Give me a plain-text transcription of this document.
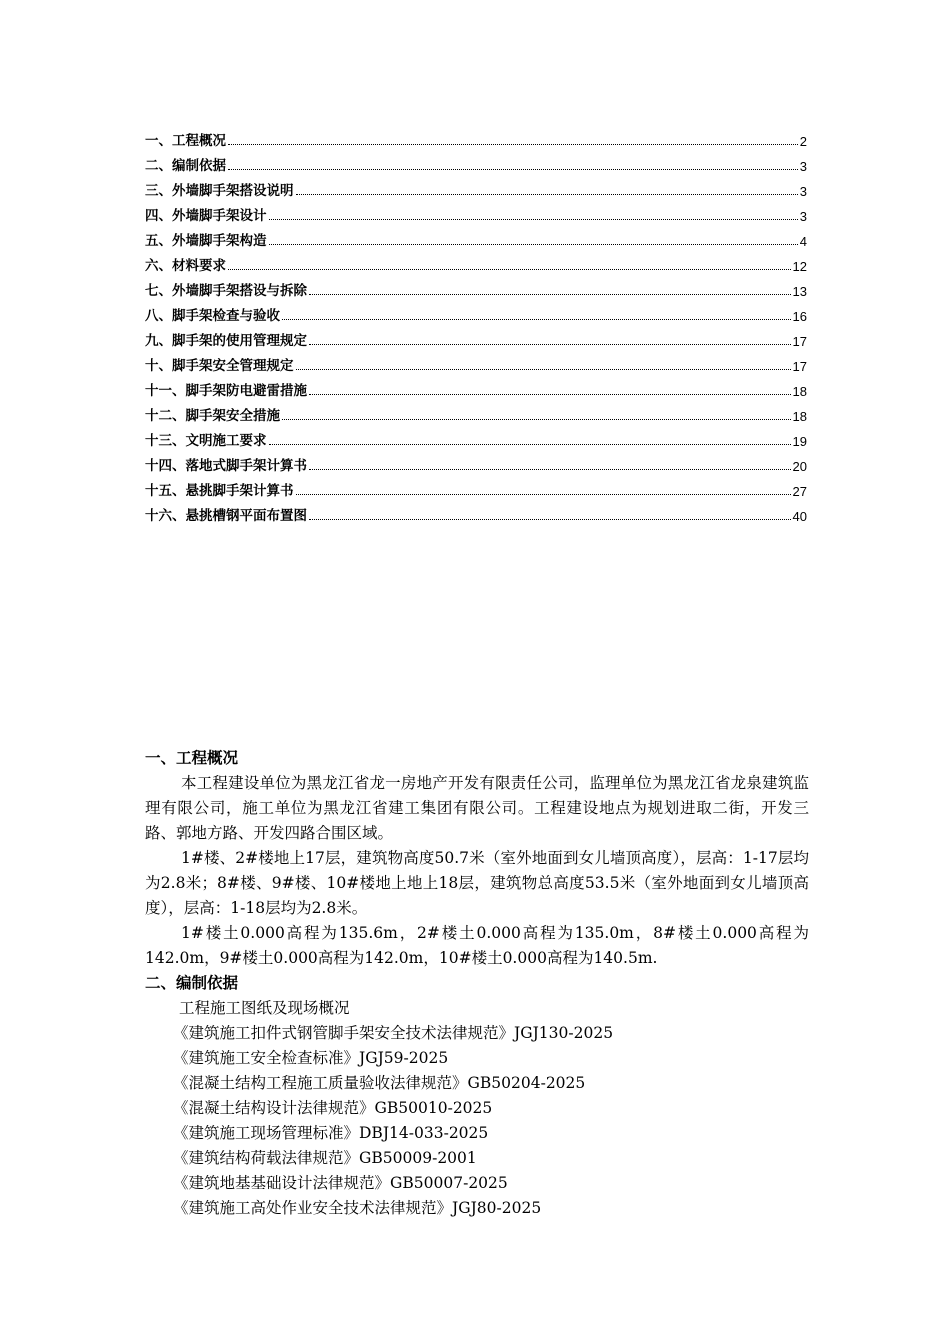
一、工程概况	2
二、编制依据	3
三、外墙脚手架搭设说明	3
四、外墙脚手架设计	3
五、外墙脚手架构造	4
六、材料要求	12
七、外墙脚手架搭设与拆除	13
八、脚手架检查与验收	16
九、脚手架的使用管理规定	17
十、脚手架安全管理规定	17
十一、脚手架防电避雷措施	18
十二、脚手架安全措施	18
十三、文明施工要求	19
十四、落地式脚手架计算书	20
十五、悬挑脚手架计算书	27
十六、悬挑槽钢平面布置图	40
一、工程概况
本工程建设单位为黑龙江省龙一房地产开发有限责任公司，监理单位为黑龙江省龙泉建筑监理有限公司，施工单位为黑龙江省建工集团有限公司。工程建设地点为规划进取二街，开发三路、郭地方路、开发四路合围区域。
1#楼、2#楼地上17层，建筑物高度50.7米（室外地面到女儿墙顶高度），层高：1-17层均为2.8米；8#楼、9#楼、10#楼地上地上18层，建筑物总高度53.5米（室外地面到女儿墙顶高度），层高：1-18层均为2.8米。
1#楼土0.000高程为135.6m，2#楼土0.000高程为135.0m，8#楼土0.000高程为142.0m，9#楼土0.000高程为142.0m，10#楼土0.000高程为140.5m.
二、编制依据
工程施工图纸及现场概况
《建筑施工扣件式钢管脚手架安全技术法律规范》JGJ130-2025
《建筑施工安全检查标准》JGJ59-2025
《混凝土结构工程施工质量验收法律规范》GB50204-2025
《混凝土结构设计法律规范》GB50010-2025
《建筑施工现场管理标准》DBJ14-033-2025
《建筑结构荷载法律规范》GB50009-2001
《建筑地基基础设计法律规范》GB50007-2025
《建筑施工高处作业安全技术法律规范》JGJ80-2025
